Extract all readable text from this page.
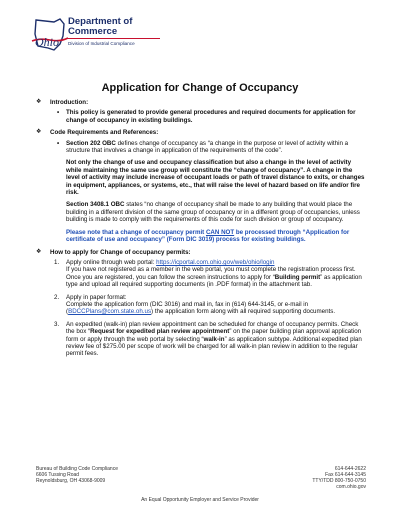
Ohio
Department of
Commerce
Division of Industrial Compliance
Application for Change of Occupancy
❖ Introduction:
• This policy is generated to provide general procedures and required documents for application for change of occupancy in existing buildings.
❖ Code Requirements and References:
• Section 202 OBC defines change of occupancy as “a change in the purpose or level of activity within a structure that involves a change in application of the requirements of the code”.
Not only the change of use and occupancy classification but also a change in the level of activity while maintaining the same use group will constitute the “change of occupancy”. A change in the level of activity may include increase of occupant loads or path of travel distance to exits, or changes in equipment, appliances, or systems, etc., that will raise the level of hazard based on life and/or fire risk.
Section 3408.1 OBC states “no change of occupancy shall be made to any building that would place the building in a different division of the same group of occupancy or in a different group of occupancies, unless building is made to comply with the requirements of this code for such division or group of occupancy.
Please note that a change of occupancy permit CAN NOT be processed through “Application for certificate of use and occupancy” (Form DIC 3019) process for existing buildings.
❖ How to apply for Change of occupancy permits:
1. Apply online through web portal: https://icportal.com.ohio.gov/web/ohio/login
If you have not registered as a member in the web portal, you must complete the registration process first. Once you are registered, you can follow the screen instructions to apply for “Building permit” as application type and upload all required supporting documents (in .PDF format) in the attachment tab.
2. Apply in paper format:
Complete the application form (DIC 3016) and mail in, fax in (614) 644-3145, or e-mail in (BDCCPlans@com.state.oh.us) the application form along with all required supporting documents.
3. An expedited (walk-in) plan review appointment can be scheduled for change of occupancy permits. Check the box “Request for expedited plan review appointment” on the paper building plan approval application form or apply through the web portal by selecting “walk-in” as application subtype. Additional expedited plan review fee of $275.00 per scope of work will be charged for all walk-in plan review in addition to the regular permit fees.
Bureau of Building Code Compliance
6606 Tussing Road
Reynoldsburg, OH 43068-9009
614-644-2622
Fax 614-644-3145
TTY/TDD 800-750-0750
com.ohio.gov
An Equal Opportunity Employer and Service Provider
